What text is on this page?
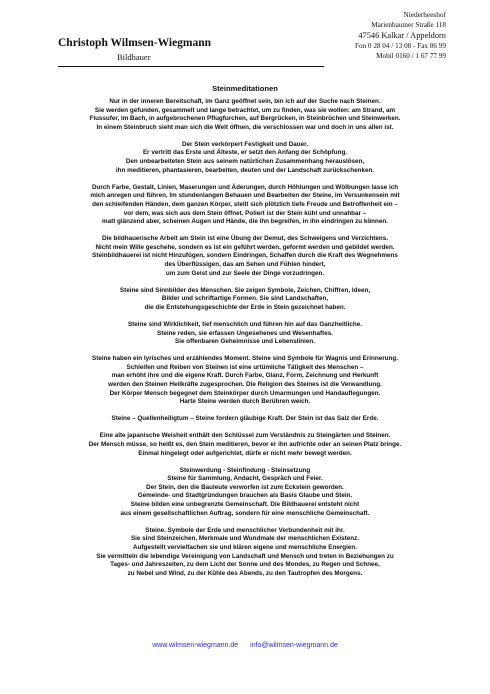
Christoph Wilmsen-Wiegmann
Bildhauer
Niederheeshof
Marienbaumer Straße 118
47546 Kalkar / Appeldorn
Fon 0 28 04 / 13 08 - Fax 86 99
Mobil 0160 / 1 67 77 99
Steinmeditationen
Nur in der inneren Bereitschaft, im Ganz geöffnet sein, bin ich auf der Suche nach Steinen.
Sie werden gefunden, gesammelt und lange betrachtet, um zu finden, was sie wollen: am Strand, am
Flussufer, im Bach, in aufgebrochenen Pflugfurchen, auf Bergrücken, in Steinbrüchen und Steinwerken.
In einem Steinbruch sieht man sich die Welt öffnen, die verschlossen war und doch in uns allen ist.
Der Stein verkörpert Festigkeit und Dauer.
Er vertritt das Erste und Älteste, er setzt den Anfang der Schöpfung.
Den unbearbeiteten Stein aus seinem natürlichen Zusammenhang herauslösen,
ihn meditieren, phantasieren, bearbeiten, deuten und der Landschaft zurückschenken.
Durch Farbe, Gestalt, Linien, Maserungen und Äderungen, durch Höhlungen und Wölbungen lasse ich
mich anregen und führen. Im stundenlangen Behauen und Bearbeiten der Steine, im Versunkensein mit
den schleifenden Händen, dem ganzen Körper, stellt sich plötzlich tiefe Freude und Betroffenheit ein –
vor dem, was sich aus dem Stein öffnet. Poliert ist der Stein kühl und unnahbar –
matt glänzend aber, scheinen Augen und Hände, die ihn begreifen, in ihn eindringen zu können.
Die bildhauerische Arbeit am Stein ist eine Übung der Demut, des Schweigens und Verzichtens.
Nicht mein Wille geschehe, sondern es ist ein geführt werden, geformt werden und gebildet werden.
Steinbildhauerei ist nicht Hinzufügen, sondern Eindringen, Schaffen durch die Kraft des Wegnehmens
des Überflüssigen, das am Sehen und Fühlen hindert,
um zum Geist und zur Seele der Dinge vorzudringen.
Steine sind Sinnbilder des Menschen. Sie zeigen Symbole, Zeichen, Chiffren, Ideen,
Bilder und schriftartige Formen. Sie sind Landschaften,
die die Entstehungsgeschichte der Erde in Stein gezeichnet haben.
Steine sind Wirklichkeit, tief menschlich und führen hin auf das Ganzheitliche.
Steine reden, sie erfassen Ungesehenes und Wesenhaftes.
Sie offenbaren Geheimnisse und Lebenslinien.
Steine haben ein lyrisches und erzählendes Moment. Steine sind Symbole für Wagnis und Erinnerung.
Schleifen und Reiben von Steinen ist eine urtümliche Tätigkeit des Menschen –
man erhöht ihre und die eigene Kraft. Durch Farbe, Glanz, Form, Zeichnung und Herkunft
werden den Steinen Heilkräfte zugesprochen. Die Religion des Steines ist die Verwandlung.
Der Körper Mensch begegnet dem Steinkörper durch Umarmungen und Handauflegungen.
Harte Steine werden durch Berühren weich.
Steine – Quellenheiligtum – Steine fordern gläubige Kraft. Der Stein ist das Salz der Erde.
Eine alte japanische Weisheit enthält den Schlüssel zum Verständnis zu Steingärten und Steinen.
Der Mensch müsse, so heißt es, den Stein meditieren, bevor er ihn aufrichte oder an seinen Platz bringe.
Einmal hingelegt oder aufgerichtet, dürfe er nicht mehr bewegt werden.
Steinwerdung - Steinfindung - Steinsetzung
Steine für Sammlung, Andacht, Gespräch und Feier.
Der Stein, den die Bauleute verworfen ist zum Eckstein geworden.
Gemeinde- und Stadtgründungen brauchen als Basis Glaube und Stein.
Steine bilden eine unbegrenzte Gemeinschaft. Die Bildhauerei entsteht nicht
aus einem gesellschaftlichen Auftrag, sondern für eine menschliche Gemeinschaft.
Steine. Symbole der Erde und menschlicher Verbundenheit mit ihr.
Sie sind Steinzeichen, Merkmale und Wundmale der menschlichen Existenz.
Aufgestellt vervielfachen sie und klären eigene und menschliche Energien.
Sie vermitteln die lebendige Vereinigung von Landschaft und Mensch und treten in Beziehungen zu
Tages- und Jahreszeiten, zu dem Licht der Sonne und des Mondes, zu Regen und Schnee,
zu Nebel und Wind, zu der Kühle des Abends, zu den Tautropfen des Morgens.
www.wilmsen-wiegmann.de info@wilmsen-wiegmann.de
